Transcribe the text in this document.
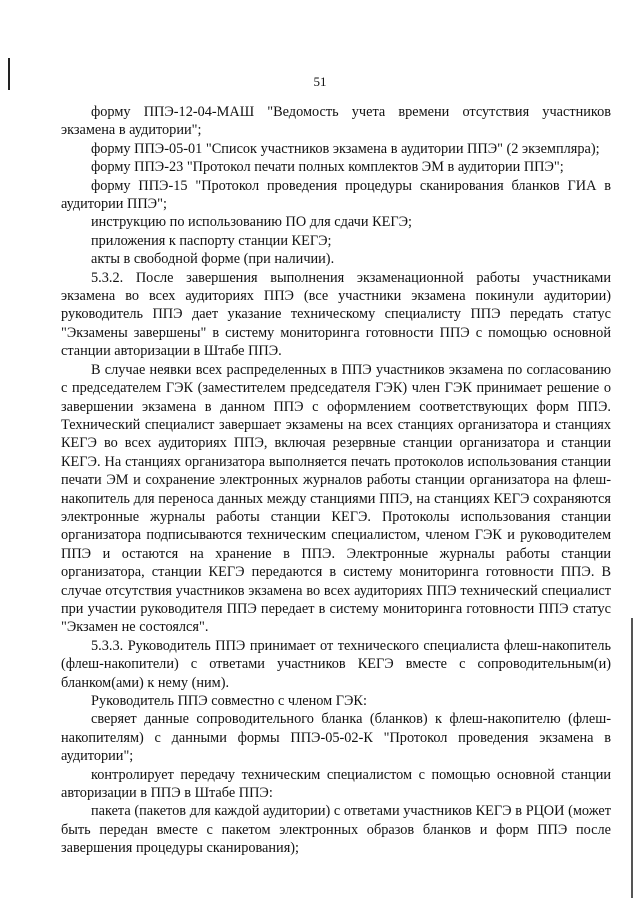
51

форму ППЭ-12-04-МАШ "Ведомость учета времени отсутствия участников экзамена в аудитории";

форму ППЭ-05-01 "Список участников экзамена в аудитории ППЭ" (2 экземпляра);

форму ППЭ-23 "Протокол печати полных комплектов ЭМ в аудитории ППЭ";

форму ППЭ-15 "Протокол проведения процедуры сканирования бланков ГИА в аудитории ППЭ";

инструкцию по использованию ПО для сдачи КЕГЭ;

приложения к паспорту станции КЕГЭ;

акты в свободной форме (при наличии).

5.3.2. После завершения выполнения экзаменационной работы участниками экзамена во всех аудиториях ППЭ (все участники экзамена покинули аудитории) руководитель ППЭ дает указание техническому специалисту ППЭ передать статус "Экзамены завершены" в систему мониторинга готовности ППЭ с помощью основной станции авторизации в Штабе ППЭ.

В случае неявки всех распределенных в ППЭ участников экзамена по согласованию с председателем ГЭК (заместителем председателя ГЭК) член ГЭК принимает решение о завершении экзамена в данном ППЭ с оформлением соответствующих форм ППЭ. Технический специалист завершает экзамены на всех станциях организатора и станциях КЕГЭ во всех аудиториях ППЭ, включая резервные станции организатора и станции КЕГЭ. На станциях организатора выполняется печать протоколов использования станции печати ЭМ и сохранение электронных журналов работы станции организатора на флеш-накопитель для переноса данных между станциями ППЭ, на станциях КЕГЭ сохраняются электронные журналы работы станции КЕГЭ. Протоколы использования станции организатора подписываются техническим специалистом, членом ГЭК и руководителем ППЭ и остаются на хранение в ППЭ. Электронные журналы работы станции организатора, станции КЕГЭ передаются в систему мониторинга готовности ППЭ. В случае отсутствия участников экзамена во всех аудиториях ППЭ технический специалист при участии руководителя ППЭ передает в систему мониторинга готовности ППЭ статус "Экзамен не состоялся".

5.3.3. Руководитель ППЭ принимает от технического специалиста флеш-накопитель (флеш-накопители) с ответами участников КЕГЭ вместе с сопроводительным(и) бланком(ами) к нему (ним).

Руководитель ППЭ совместно с членом ГЭК:

сверяет данные сопроводительного бланка (бланков) к флеш-накопителю (флеш-накопителям) с данными формы ППЭ-05-02-К "Протокол проведения экзамена в аудитории";

контролирует передачу техническим специалистом с помощью основной станции авторизации в ППЭ в Штабе ППЭ:

пакета (пакетов для каждой аудитории) с ответами участников КЕГЭ в РЦОИ (может быть передан вместе с пакетом электронных образов бланков и форм ППЭ после завершения процедуры сканирования);
